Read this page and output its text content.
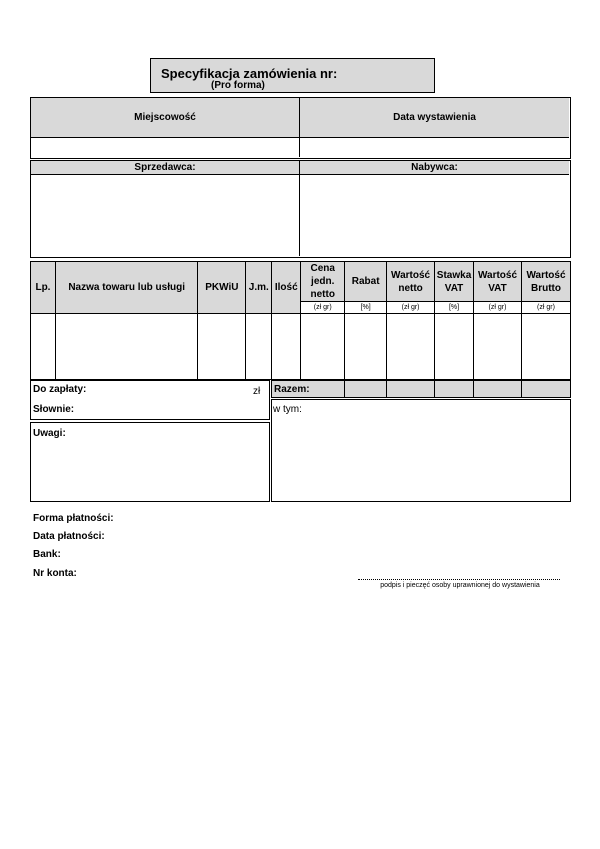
Specyfikacja zamówienia nr:
(Pro forma)
Miejscowość	Data wystawienia
Sprzedawca:	Nabywca:
Lp.	Nazwa towaru lub usługi	PKWiU	J.m.	Ilość	Cena jedn. netto	Rabat	Wartość netto	Stawka VAT	Wartość VAT	Wartość Brutto
					(zł gr)	[%]	(zł gr)	[%]	(zł gr)	(zł gr)

Do zapłaty:	zł
Słownie:
Uwagi:
Razem:					
w tym:
Forma płatności:
Data płatności:
Bank:
Nr konta:
podpis i pieczęć osoby uprawnionej do wystawienia
